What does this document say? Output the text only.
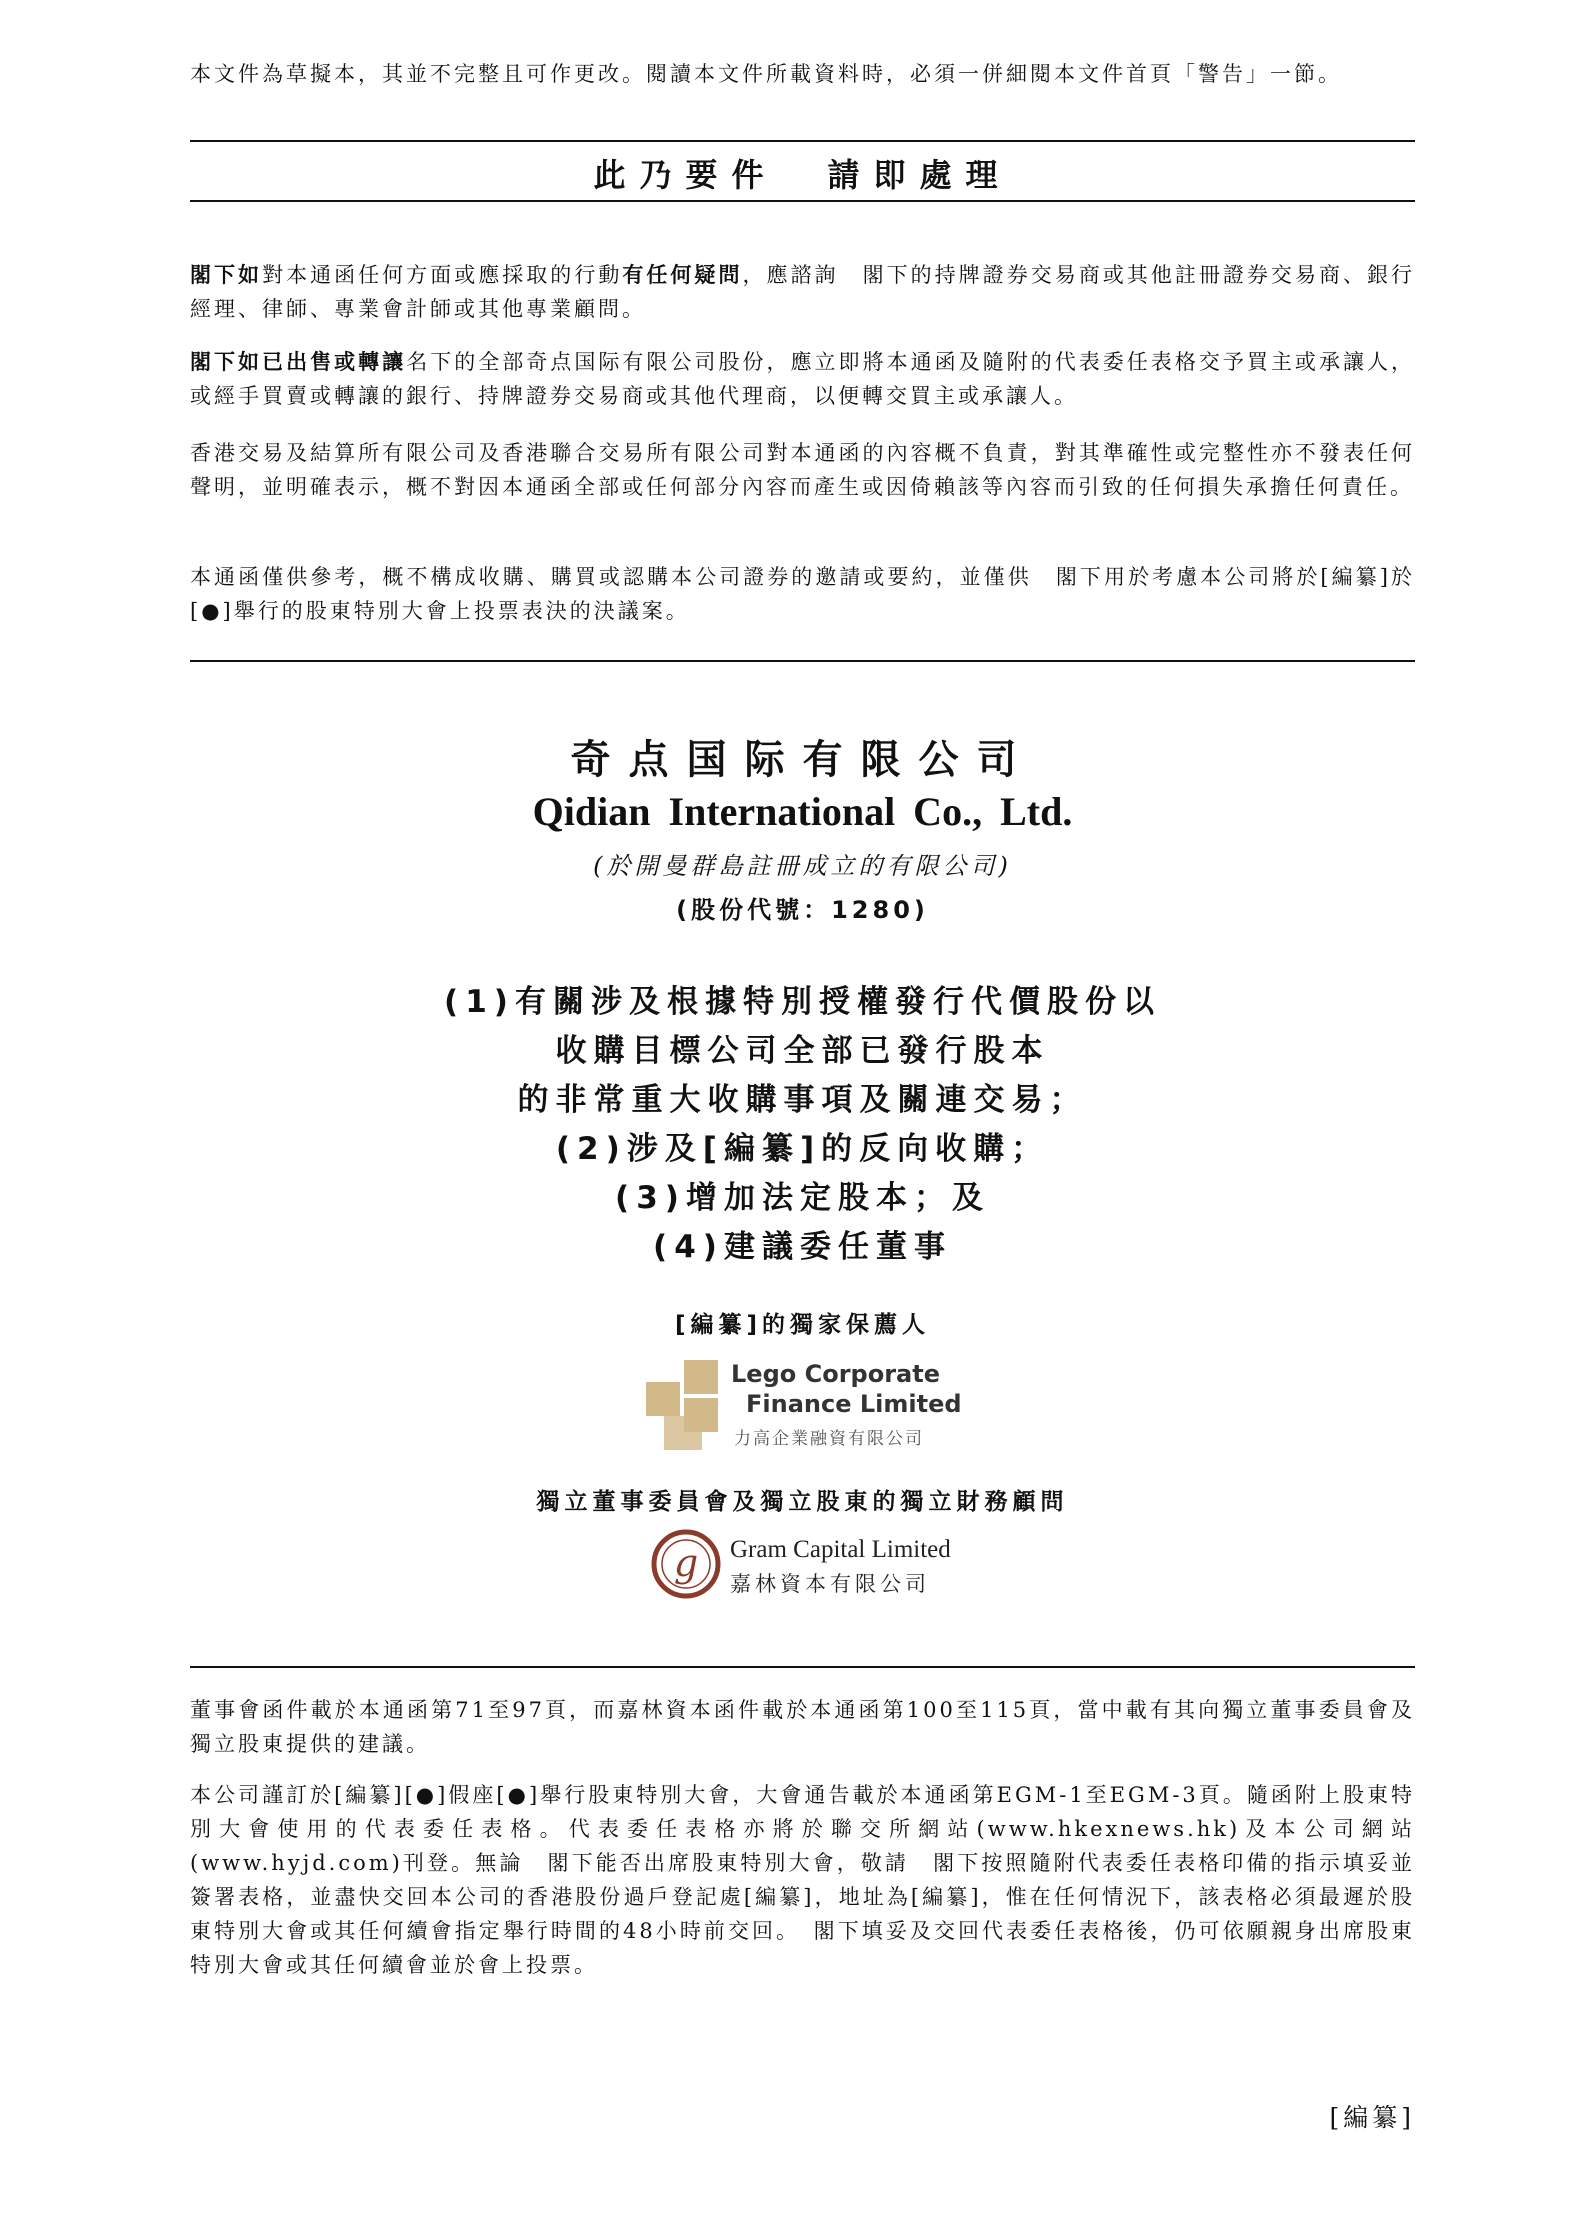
本文件為草擬本，其並不完整且可作更改。閱讀本文件所載資料時，必須一併細閱本文件首頁「警告」一節。
此乃要件 請即處理
閣下如對本通函任何方面或應採取的行動有任何疑問，應諮詢　閣下的持牌證券交易商或其他註冊證券交易商、銀行經理、律師、專業會計師或其他專業顧問。
閣下如已出售或轉讓名下的全部奇点国际有限公司股份，應立即將本通函及隨附的代表委任表格交予買主或承讓人，或經手買賣或轉讓的銀行、持牌證券交易商或其他代理商，以便轉交買主或承讓人。
香港交易及結算所有限公司及香港聯合交易所有限公司對本通函的內容概不負責，對其準確性或完整性亦不發表任何聲明，並明確表示，概不對因本通函全部或任何部分內容而產生或因倚賴該等內容而引致的任何損失承擔任何責任。
本通函僅供參考，概不構成收購、購買或認購本公司證券的邀請或要約，並僅供　閣下用於考慮本公司將於[編纂]於[●]舉行的股東特別大會上投票表決的決議案。
奇点国际有限公司
Qidian International Co., Ltd.
(於開曼群島註冊成立的有限公司)
(股份代號：1280)
(1)有關涉及根據特別授權發行代價股份以
收購目標公司全部已發行股本
的非常重大收購事項及關連交易；
(2)涉及[編纂]的反向收購；
(3)增加法定股本；及
(4)建議委任董事
[編纂]的獨家保薦人
Lego Corporate
Finance Limited
力高企業融資有限公司
獨立董事委員會及獨立股東的獨立財務顧問
g Gram Capital Limited
嘉林資本有限公司
董事會函件載於本通函第71至97頁，而嘉林資本函件載於本通函第100至115頁，當中載有其向獨立董事委員會及獨立股東提供的建議。
本公司謹訂於[編纂][●]假座[●]舉行股東特別大會，大會通告載於本通函第EGM-1至EGM-3頁。隨函附上股東特別大會使用的代表委任表格。代表委任表格亦將於聯交所網站(www.hkexnews.hk)及本公司網站(www.hyjd.com)刊登。無論　閣下能否出席股東特別大會，敬請　閣下按照隨附代表委任表格印備的指示填妥並簽署表格，並盡快交回本公司的香港股份過戶登記處[編纂]，地址為[編纂]，惟在任何情況下，該表格必須最遲於股東特別大會或其任何續會指定舉行時間的48小時前交回。　閣下填妥及交回代表委任表格後，仍可依願親身出席股東特別大會或其任何續會並於會上投票。
[編纂]
